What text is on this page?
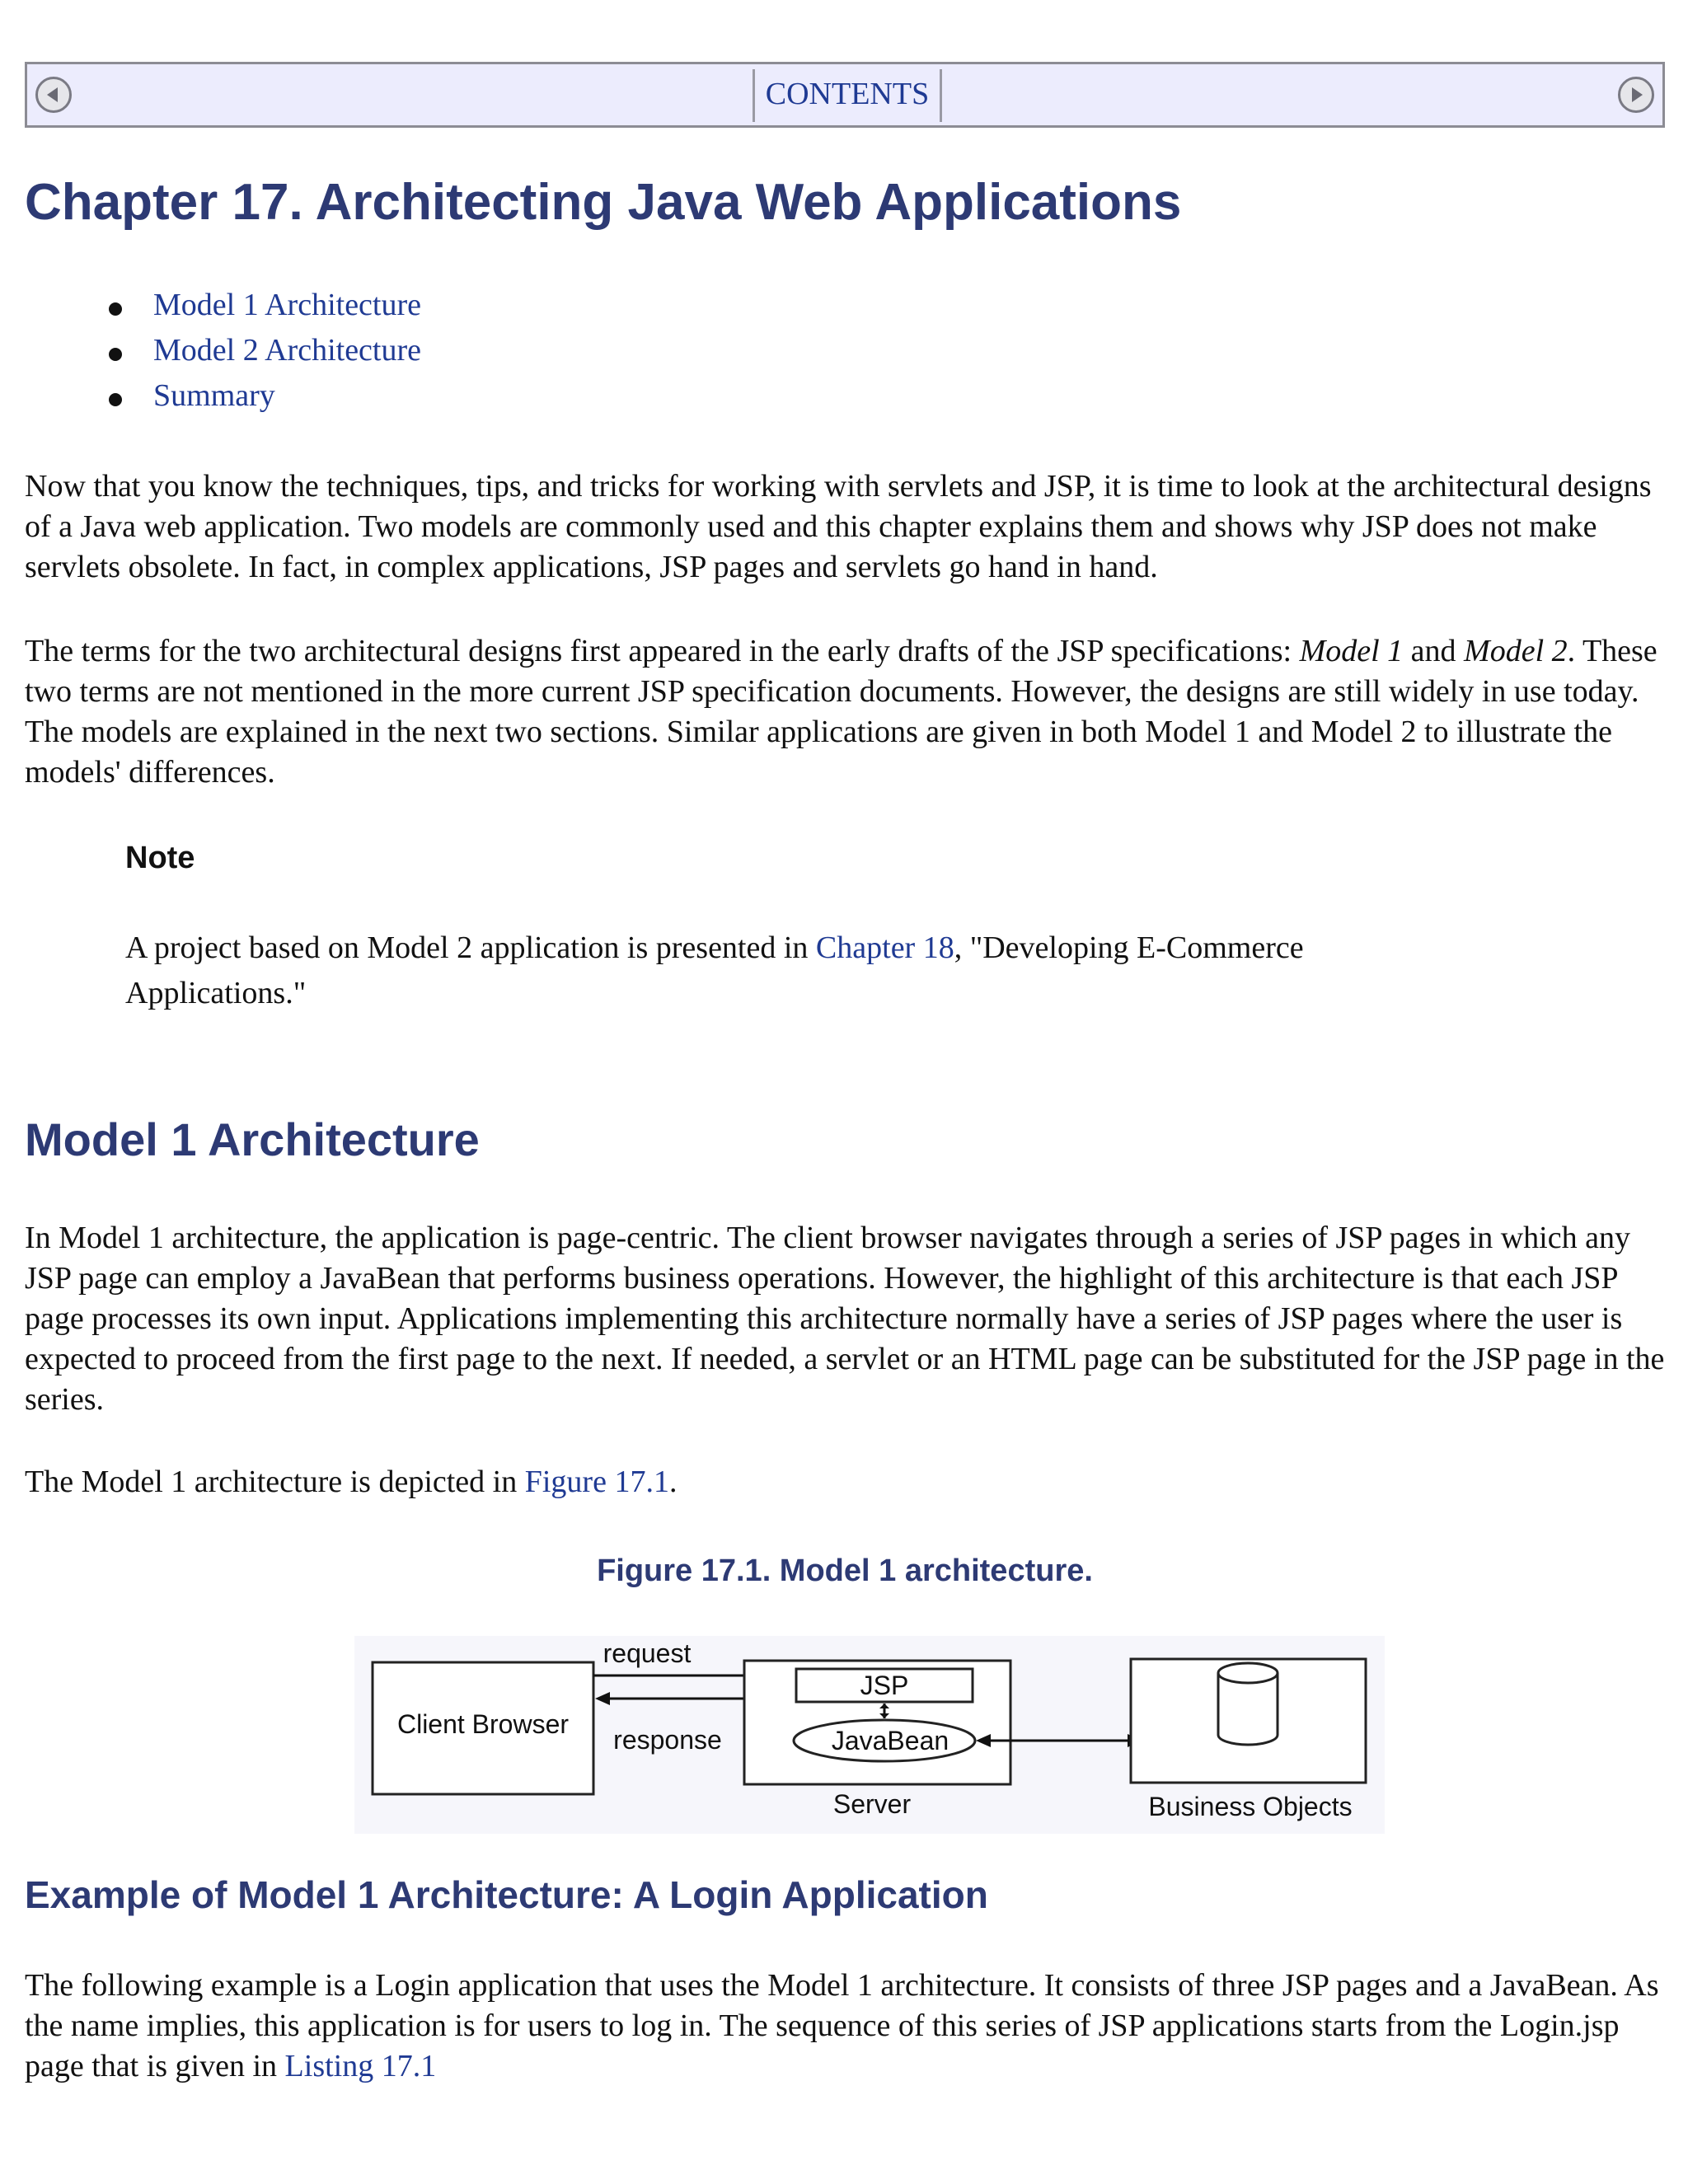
CONTENTS
Chapter 17. Architecting Java Web Applications
Model 1 Architecture
Model 2 Architecture
Summary
Now that you know the techniques, tips, and tricks for working with servlets and JSP, it is time to look at the architectural designs of a Java web application. Two models are commonly used and this chapter explains them and shows why JSP does not make servlets obsolete. In fact, in complex applications, JSP pages and servlets go hand in hand.
The terms for the two architectural designs first appeared in the early drafts of the JSP specifications: Model 1 and Model 2. These two terms are not mentioned in the more current JSP specification documents. However, the designs are still widely in use today. The models are explained in the next two sections. Similar applications are given in both Model 1 and Model 2 to illustrate the models' differences.
Note
A project based on Model 2 application is presented in Chapter 18, "Developing E-Commerce Applications."
Model 1 Architecture
In Model 1 architecture, the application is page-centric. The client browser navigates through a series of JSP pages in which any JSP page can employ a JavaBean that performs business operations. However, the highlight of this architecture is that each JSP page processes its own input. Applications implementing this architecture normally have a series of JSP pages where the user is expected to proceed from the first page to the next. If needed, a servlet or an HTML page can be substituted for the JSP page in the series.
The Model 1 architecture is depicted in Figure 17.1.
Figure 17.1. Model 1 architecture.
Client Browser
request
response
JSP
JavaBean
Server	Business Objects
Example of Model 1 Architecture: A Login Application
The following example is a Login application that uses the Model 1 architecture. It consists of three JSP pages and a JavaBean. As the name implies, this application is for users to log in. The sequence of this series of JSP applications starts from the Login.jsp page that is given in Listing 17.1
